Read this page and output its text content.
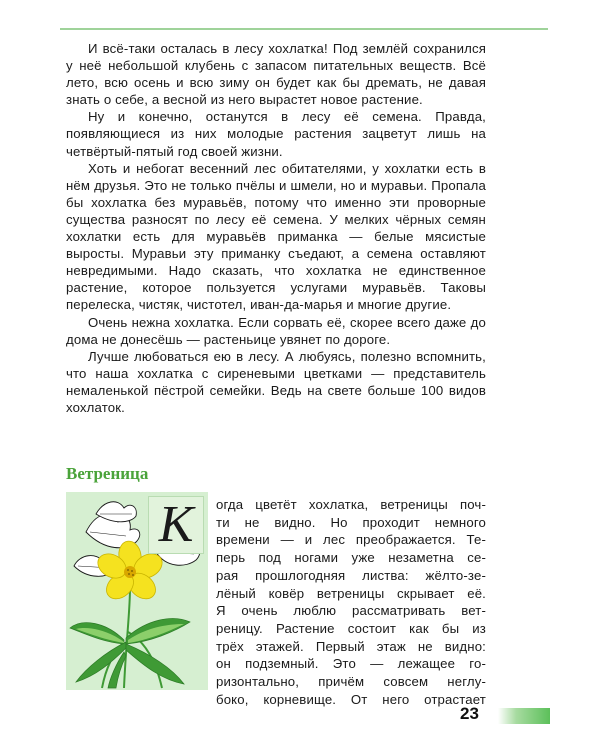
И всё-таки осталась в лесу хохлатка! Под землёй сохранился у неё небольшой клубень с запасом питательных веществ. Всё лето, всю осень и всю зиму он будет как бы дремать, не давая знать о себе, а весной из него вырастет новое растение.

Ну и конечно, останутся в лесу её семена. Правда, появляющиеся из них молодые растения зацветут лишь на четвёртый-пятый год своей жизни.

Хоть и небогат весенний лес обитателями, у хохлатки есть в нём друзья. Это не только пчёлы и шмели, но и муравьи. Пропала бы хохлатка без муравьёв, потому что именно эти проворные существа разносят по лесу её семена. У мелких чёрных семян хохлатки есть для муравьёв приманка — белые мясистые выросты. Муравьи эту приманку съедают, а семена оставляют невредимыми. Надо сказать, что хохлатка не единственное растение, которое пользуется услугами муравьёв. Таковы перелеска, чистяк, чистотел, иван-да-марья и многие другие.

Очень нежна хохлатка. Если сорвать её, скорее всего даже до дома не донесёшь — растеньице увянет по дороге.

Лучше любоваться ею в лесу. А любуясь, полезно вспомнить, что наша хохлатка с сиреневыми цветками — представитель немаленькой пёстрой семейки. Ведь на свете больше 100 видов хохлаток.

Ветреница
К	огда цветёт хохлатка, ветреницы поч-
ти не видно. Но проходит немного
времени — и лес преображается. Те-
перь под ногами уже незаметна се-
рая прошлогодняя листва: жёлто-зе-
лёный ковёр ветреницы скрывает её.
Я очень люблю рассматривать вет-
реницу. Растение состоит как бы из
трёх этажей. Первый этаж не видно:
он подземный. Это — лежащее го-
ризонтально, причём совсем неглу-
боко, корневище. От него отрастает
23
